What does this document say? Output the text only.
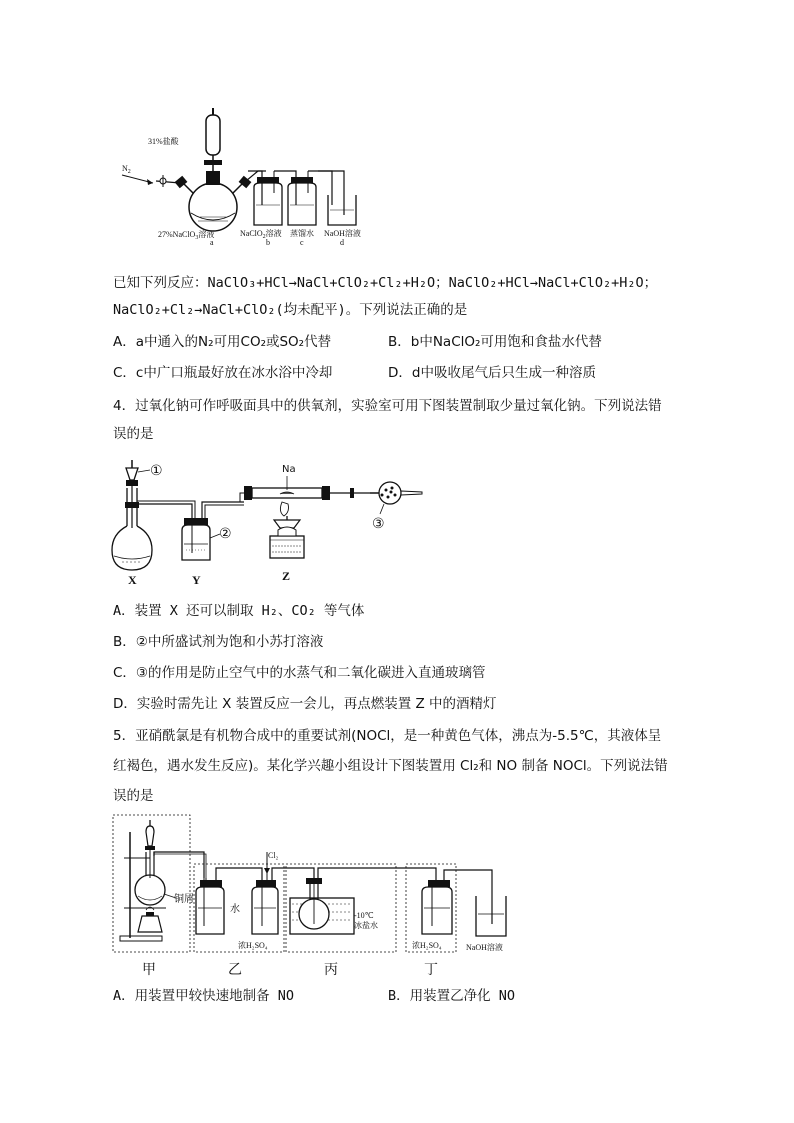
31%盐酸
$N_2$
27%NaClO$_3$溶液
a
NaClO$_2$溶液
b
蒸馏水
c
NaOH溶液
d
已知下列反应：NaClO₃+HCl→NaCl+ClO₂+Cl₂+H₂O；NaClO₂+HCl→NaCl+ClO₂+H₂O；
NaClO₂+Cl₂→NaCl+ClO₂(均未配平)。下列说法正确的是
A．a中通入的N₂可用CO₂或SO₂代替	B．b中NaClO₂可用饱和食盐水代替
C．c中广口瓶最好放在冰水浴中冷却	D．d中吸收尾气后只生成一种溶质
4．过氧化钠可作呼吸面具中的供氧剂，实验室可用下图装置制取少量过氧化钠。下列说法错
误的是
①
X
②
Y
Na
③
Z
A．装置 X 还可以制取 H₂、CO₂ 等气体
B．②中所盛试剂为饱和小苏打溶液
C．③的作用是防止空气中的水蒸气和二氧化碳进入直通玻璃管
D．实验时需先让 X 装置反应一会儿，再点燃装置 Z 中的酒精灯
5．亚硝酰氯是有机物合成中的重要试剂(NOCl，是一种黄色气体，沸点为-5.5℃，其液体呈
红褐色，遇水发生反应)。某化学兴趣小组设计下图装置用 Cl₂和 NO 制备 NOCl。下列说法错
误的是
铜屑
水
Cl₂
浓H₂SO₄
-10℃
冰盐水
浓H₂SO₄	NaOH溶液
甲	乙	丙	丁
A．用装置甲较快速地制备 NO	B．用装置乙净化 NO
